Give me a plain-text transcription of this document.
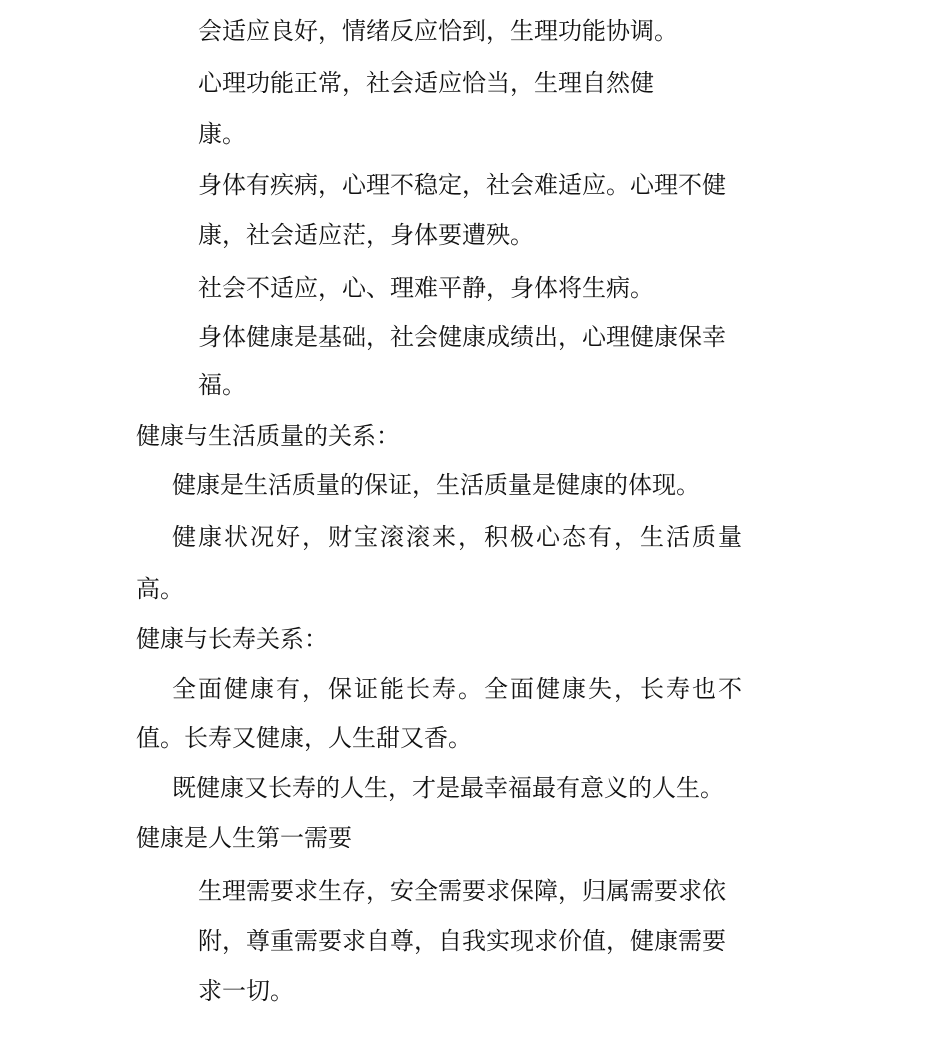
会适应良好，情绪反应恰到，生理功能协调。
心理功能正常，社会适应恰当，生理自然健
康。
身体有疾病，心理不稳定，社会难适应。心理不健
康，社会适应茫，身体要遭殃。
社会不适应，心、理难平静，身体将生病。
身体健康是基础，社会健康成绩出，心理健康保幸
福。
健康与生活质量的关系：
健康是生活质量的保证，生活质量是健康的体现。
健康状况好，财宝滚滚来，积极心态有，生活质量
高。
健康与长寿关系：
全面健康有，保证能长寿。全面健康失，长寿也不
值。长寿又健康，人生甜又香。
既健康又长寿的人生，才是最幸福最有意义的人生。
健康是人生第一需要
生理需要求生存，安全需要求保障，归属需要求依
附，尊重需要求自尊，自我实现求价值，健康需要
求一切。
